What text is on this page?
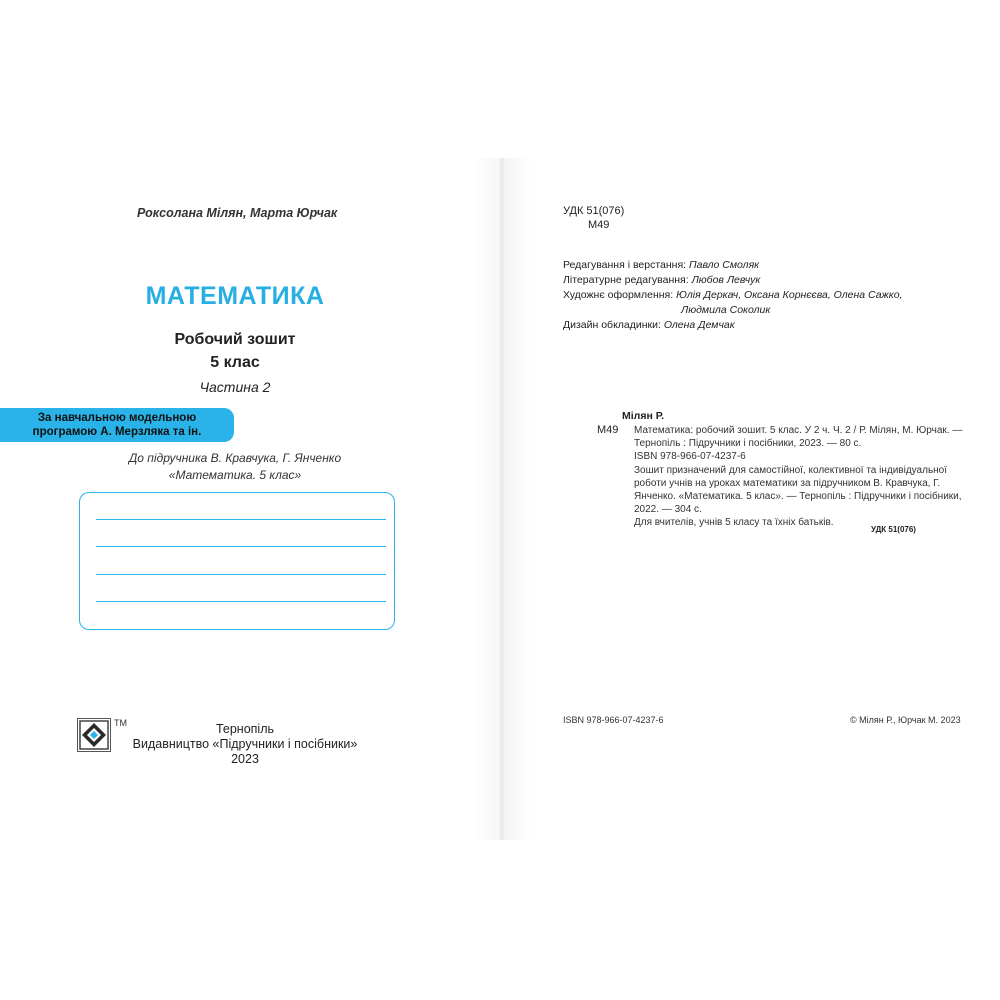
Роксолана Мілян, Марта Юрчак
МАТЕМАТИКА
Робочий зошит
5 клас
Частина 2
За навчальною модельною
програмою А. Мерзляка та ін.
До підручника В. Кравчука, Г. Янченко
«Математика. 5 клас»
TM	Тернопіль
Видавництво «Підручники і посібники»
2023
УДК 51(076)
М49
Редагування і верстання: Павло Смоляк
Літературне редагування: Любов Левчук
Художнє оформлення: Юлія Деркач, Оксана Корнєєва, Олена Сажко,
Людмила Соколик
Дизайн обкладинки: Олена Демчак
Мілян Р.
М49	Математика: робочий зошит. 5 клас. У 2 ч. Ч. 2 / Р. Мілян, М. Юрчак. — Тернопіль : Підручники і посібники, 2023. — 80 с.

ISBN 978-966-07-4237-6

Зошит призначений для самостійної, колективної та індивідуальної роботи учнів на уроках математики за підручником В. Кравчука, Г. Янченко. «Математика. 5 клас». — Тернопіль : Підручники і посібники, 2022. — 304 с.

Для вчителів, учнів 5 класу та їхніх батьків.

УДК 51(076)
ISBN 978-966-07-4237-6	© Мілян Р., Юрчак М. 2023
